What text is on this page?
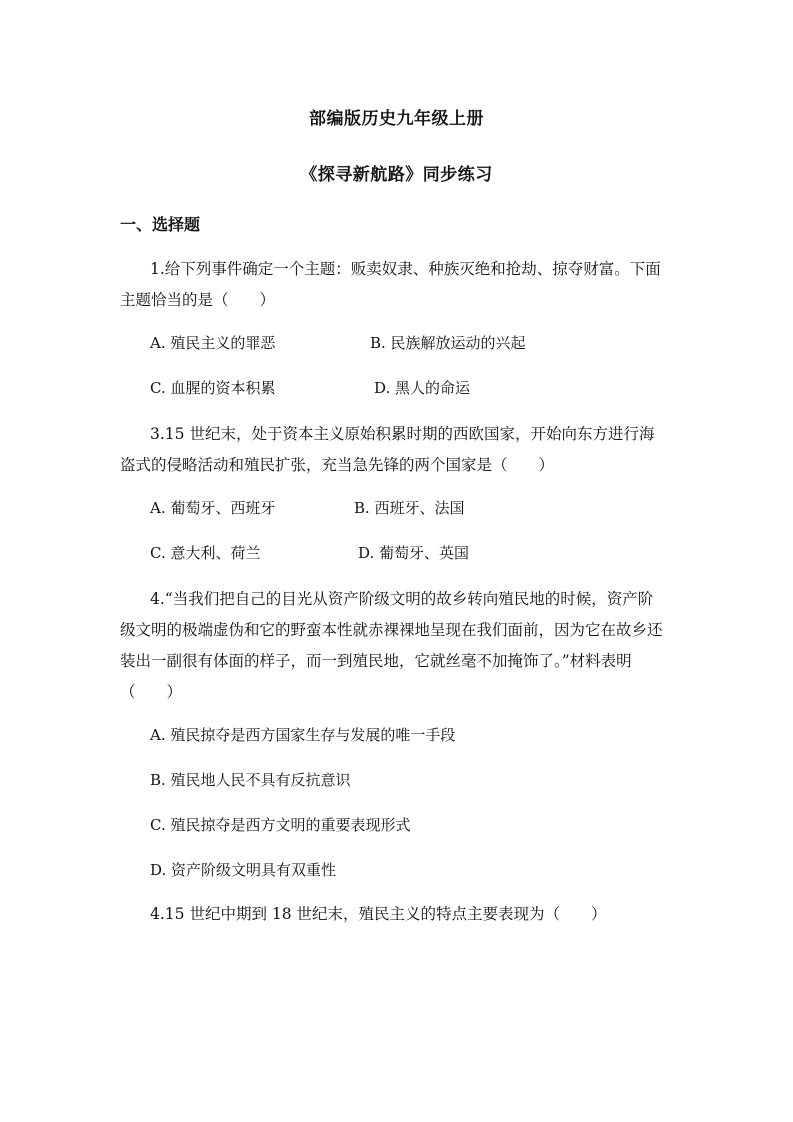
部编版历史九年级上册
《探寻新航路》同步练习
一、选择题
1.给下列事件确定一个主题：贩卖奴隶、种族灭绝和抢劫、掠夺财富。下面
主题恰当的是（　　）
A. 殖民主义的罪恶	B. 民族解放运动的兴起
C. 血腥的资本积累	D. 黑人的命运
3.15 世纪末，处于资本主义原始积累时期的西欧国家，开始向东方进行海
盗式的侵略活动和殖民扩张，充当急先锋的两个国家是（　　）
A. 葡萄牙、西班牙	B. 西班牙、法国
C. 意大利、荷兰	D. 葡萄牙、英国
4.“当我们把自己的目光从资产阶级文明的故乡转向殖民地的时候，资产阶
级文明的极端虚伪和它的野蛮本性就赤裸裸地呈现在我们面前，因为它在故乡还
装出一副很有体面的样子，而一到殖民地，它就丝毫不加掩饰了。”材料表明
（　　）
A. 殖民掠夺是西方国家生存与发展的唯一手段
B. 殖民地人民不具有反抗意识
C. 殖民掠夺是西方文明的重要表现形式
D. 资产阶级文明具有双重性
4.15 世纪中期到 18 世纪末，殖民主义的特点主要表现为（　　）
